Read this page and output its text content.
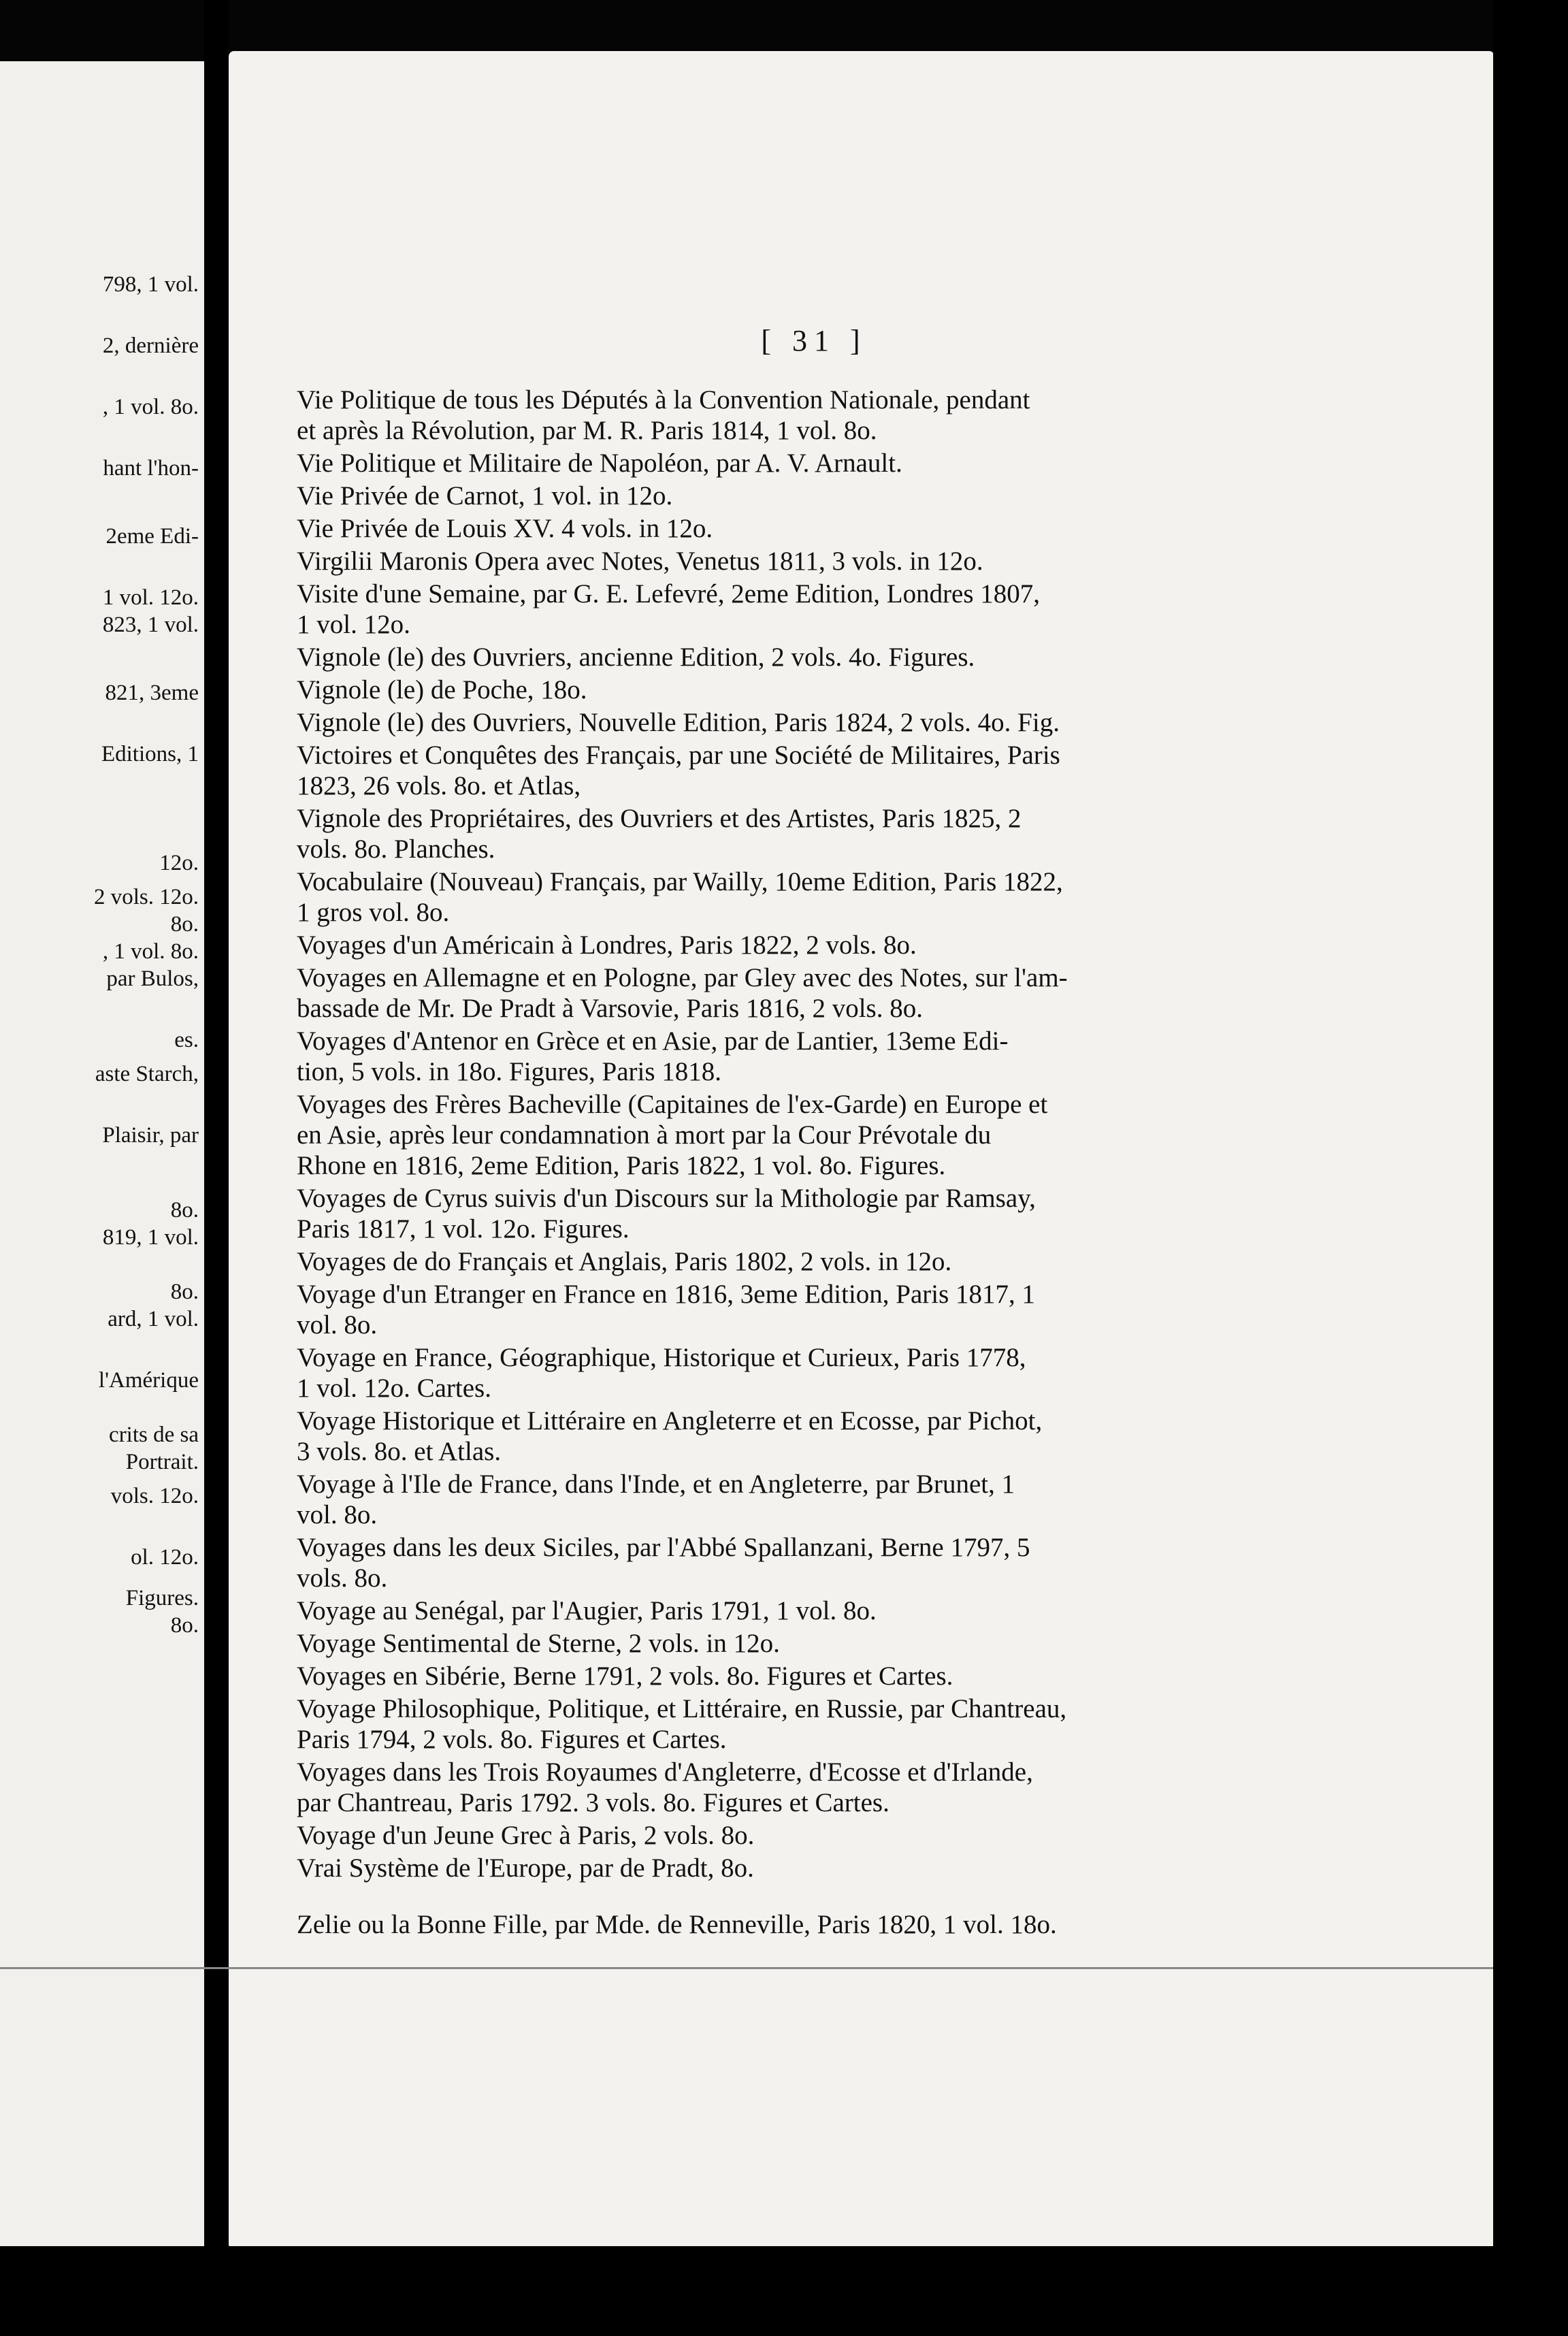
798, 1 vol.
2, dernière
, 1 vol. 8o.
hant l'hon-
2eme Edi-
1 vol. 12o.
823, 1 vol.
821, 3eme
Editions, 1
12o.
2 vols. 12o.
8o.
, 1 vol. 8o.
par Bulos,
es.
aste Starch,
Plaisir, par
8o.
819, 1 vol.
8o.
ard, 1 vol.
l'Amérique
crits de sa
Portrait.
vols. 12o.
ol. 12o.
Figures.
8o.
[ 31 ]
Vie Politique de tous les Députés à la Convention Nationale, pendant
et après la Révolution, par M. R. Paris 1814, 1 vol. 8o.
Vie Politique et Militaire de Napoléon, par A. V. Arnault.
Vie Privée de Carnot, 1 vol. in 12o.
Vie Privée de Louis XV. 4 vols. in 12o.
Virgilii Maronis Opera avec Notes, Venetus 1811, 3 vols. in 12o.
Visite d'une Semaine, par G. E. Lefevré, 2eme Edition, Londres 1807,
1 vol. 12o.
Vignole (le) des Ouvriers, ancienne Edition, 2 vols. 4o. Figures.
Vignole (le) de Poche, 18o.
Vignole (le) des Ouvriers, Nouvelle Edition, Paris 1824, 2 vols. 4o. Fig.
Victoires et Conquêtes des Français, par une Société de Militaires, Paris
1823, 26 vols. 8o. et Atlas,
Vignole des Propriétaires, des Ouvriers et des Artistes, Paris 1825, 2
vols. 8o. Planches.
Vocabulaire (Nouveau) Français, par Wailly, 10eme Edition, Paris 1822,
1 gros vol. 8o.
Voyages d'un Américain à Londres, Paris 1822, 2 vols. 8o.
Voyages en Allemagne et en Pologne, par Gley avec des Notes, sur l'am-
bassade de Mr. De Pradt à Varsovie, Paris 1816, 2 vols. 8o.
Voyages d'Antenor en Grèce et en Asie, par de Lantier, 13eme Edi-
tion, 5 vols. in 18o. Figures, Paris 1818.
Voyages des Frères Bacheville (Capitaines de l'ex-Garde) en Europe et
en Asie, après leur condamnation à mort par la Cour Prévotale du
Rhone en 1816, 2eme Edition, Paris 1822, 1 vol. 8o. Figures.
Voyages de Cyrus suivis d'un Discours sur la Mithologie par Ramsay,
Paris 1817, 1 vol. 12o. Figures.
Voyages de do Français et Anglais, Paris 1802, 2 vols. in 12o.
Voyage d'un Etranger en France en 1816, 3eme Edition, Paris 1817, 1
vol. 8o.
Voyage en France, Géographique, Historique et Curieux, Paris 1778,
1 vol. 12o. Cartes.
Voyage Historique et Littéraire en Angleterre et en Ecosse, par Pichot,
3 vols. 8o. et Atlas.
Voyage à l'Ile de France, dans l'Inde, et en Angleterre, par Brunet, 1
vol. 8o.
Voyages dans les deux Siciles, par l'Abbé Spallanzani, Berne 1797, 5
vols. 8o.
Voyage au Senégal, par l'Augier, Paris 1791, 1 vol. 8o.
Voyage Sentimental de Sterne, 2 vols. in 12o.
Voyages en Sibérie, Berne 1791, 2 vols. 8o. Figures et Cartes.
Voyage Philosophique, Politique, et Littéraire, en Russie, par Chantreau,
Paris 1794, 2 vols. 8o. Figures et Cartes.
Voyages dans les Trois Royaumes d'Angleterre, d'Ecosse et d'Irlande,
par Chantreau, Paris 1792. 3 vols. 8o. Figures et Cartes.
Voyage d'un Jeune Grec à Paris, 2 vols. 8o.
Vrai Système de l'Europe, par de Pradt, 8o.
Zelie ou la Bonne Fille, par Mde. de Renneville, Paris 1820, 1 vol. 18o.
